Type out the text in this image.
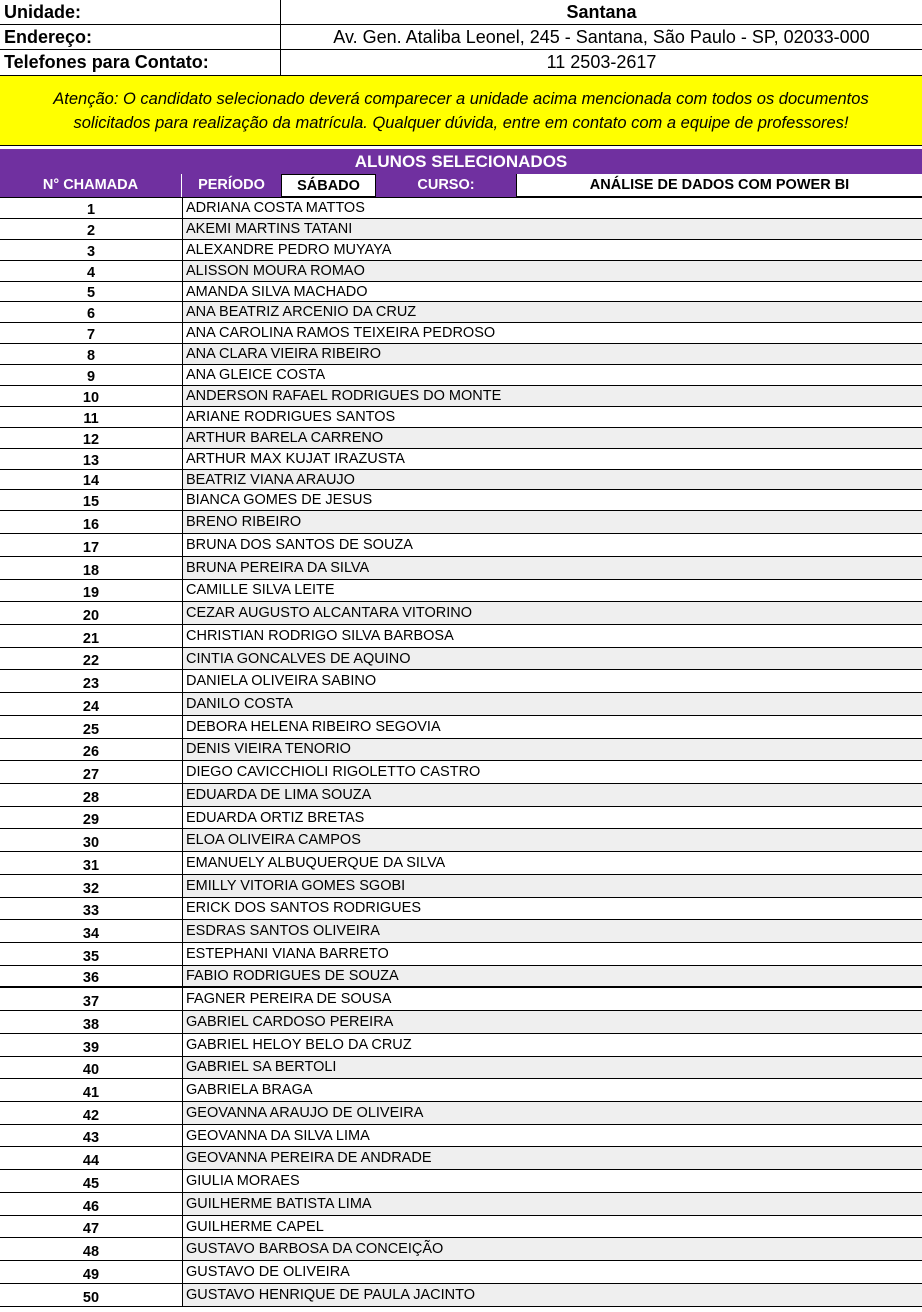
Unidade:	Santana
Endereço:	Av. Gen. Ataliba Leonel, 245 - Santana, São Paulo - SP, 02033-000
Telefones para Contato:	11 2503-2617
Atenção: O candidato selecionado deverá comparecer a unidade acima mencionada com todos os documentos
solicitados para realização da matrícula. Qualquer dúvida, entre em contato com a equipe de professores!
ALUNOS SELECIONADOS
N° CHAMADA	PERÍODO	SÁBADO	CURSO:	ANÁLISE DE DADOS COM POWER BI
1	ADRIANA COSTA MATTOS
2	AKEMI MARTINS TATANI
3	ALEXANDRE PEDRO MUYAYA
4	ALISSON MOURA ROMAO
5	AMANDA SILVA MACHADO
6	ANA BEATRIZ ARCENIO DA CRUZ
7	ANA CAROLINA RAMOS TEIXEIRA PEDROSO
8	ANA CLARA VIEIRA RIBEIRO
9	ANA GLEICE COSTA
10	ANDERSON RAFAEL RODRIGUES DO MONTE
11	ARIANE RODRIGUES SANTOS
12	ARTHUR BARELA CARRENO
13	ARTHUR MAX KUJAT IRAZUSTA
14	BEATRIZ VIANA ARAUJO
15	BIANCA GOMES DE JESUS
16	BRENO RIBEIRO
17	BRUNA DOS SANTOS DE SOUZA
18	BRUNA PEREIRA DA SILVA
19	CAMILLE SILVA LEITE
20	CEZAR AUGUSTO ALCANTARA VITORINO
21	CHRISTIAN RODRIGO SILVA BARBOSA
22	CINTIA GONCALVES DE AQUINO
23	DANIELA OLIVEIRA SABINO
24	DANILO COSTA
25	DEBORA HELENA RIBEIRO SEGOVIA
26	DENIS VIEIRA TENORIO
27	DIEGO CAVICCHIOLI RIGOLETTO CASTRO
28	EDUARDA DE LIMA SOUZA
29	EDUARDA ORTIZ BRETAS
30	ELOA OLIVEIRA CAMPOS
31	EMANUELY ALBUQUERQUE DA SILVA
32	EMILLY VITORIA GOMES SGOBI
33	ERICK DOS SANTOS RODRIGUES
34	ESDRAS SANTOS OLIVEIRA
35	ESTEPHANI VIANA BARRETO
36	FABIO RODRIGUES DE SOUZA
37	FAGNER PEREIRA DE SOUSA
38	GABRIEL CARDOSO PEREIRA
39	GABRIEL HELOY BELO DA CRUZ
40	GABRIEL SA BERTOLI
41	GABRIELA BRAGA
42	GEOVANNA ARAUJO DE OLIVEIRA
43	GEOVANNA DA SILVA LIMA
44	GEOVANNA PEREIRA DE ANDRADE
45	GIULIA MORAES
46	GUILHERME BATISTA LIMA
47	GUILHERME CAPEL
48	GUSTAVO BARBOSA DA CONCEIÇÃO
49	GUSTAVO DE OLIVEIRA
50	GUSTAVO HENRIQUE DE PAULA JACINTO
